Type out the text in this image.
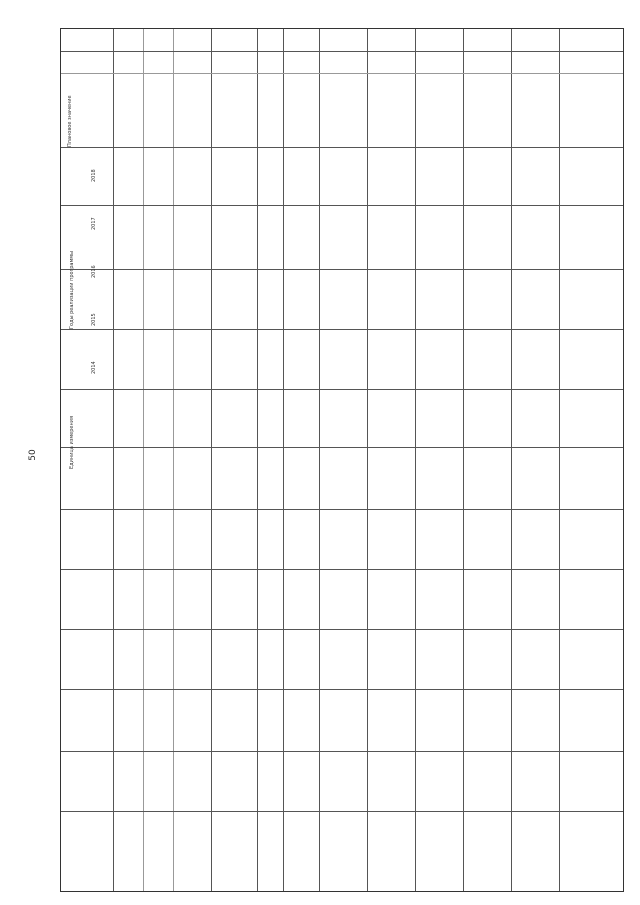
50	Единица измерения
Годы реализации программы
Плановое значение
2014
2015
2016
2017
2018
